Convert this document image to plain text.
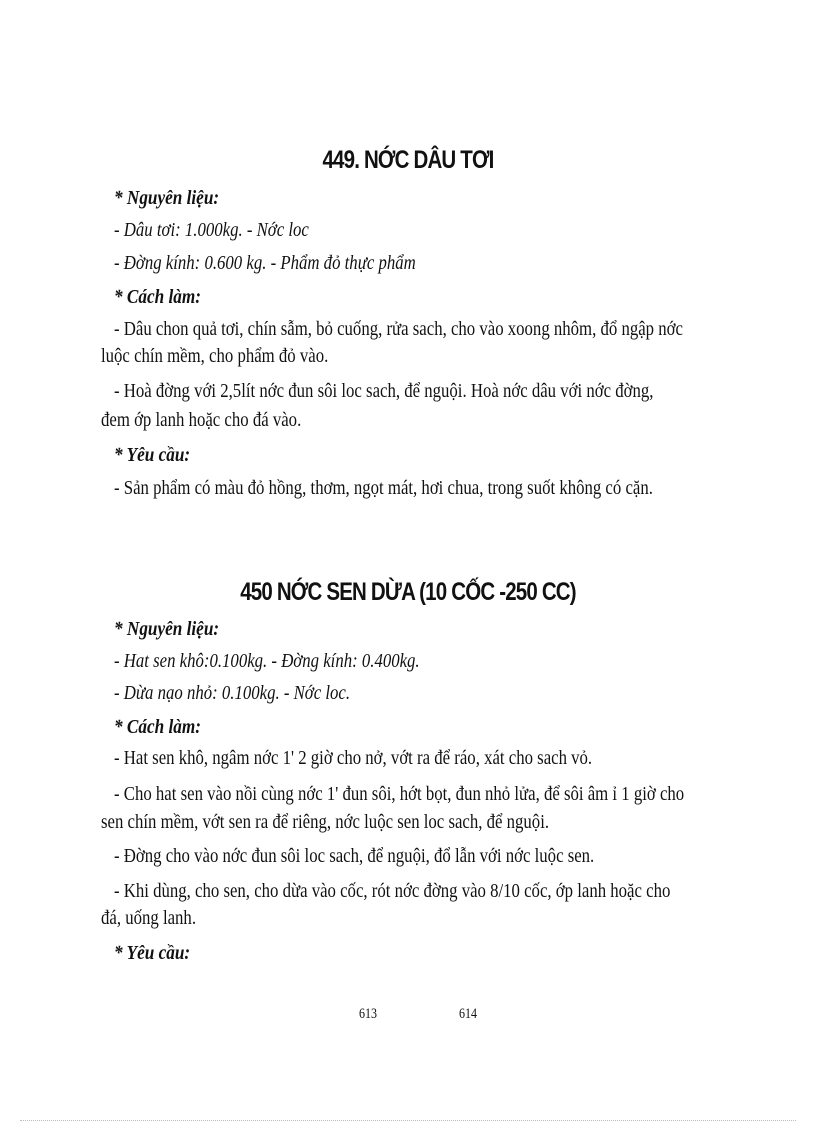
449. NỚC DÂU TƠI
* Nguyên liệu:
- Dâu tơi: 1.000kg. - Nớc loc
- Đờng kính: 0.600 kg. - Phẩm đỏ thực phẩm
* Cách làm:
- Dâu chon quả tơi, chín sẫm, bỏ cuống, rửa sach, cho vào xoong nhôm, đổ ngập nớc
luộc chín mềm, cho phẩm đỏ vào.
- Hoà đờng với 2,5lít nớc đun sôi loc sach, để nguội. Hoà nớc dâu với nớc đờng,
đem ớp lanh hoặc cho đá vào.
* Yêu cầu:
- Sản phẩm có màu đỏ hồng, thơm, ngọt mát, hơi chua, trong suốt không có cặn.
450 NỚC SEN DỪA (10 CỐC -250 CC)
* Nguyên liệu:
- Hat sen khô:0.100kg. - Đờng kính: 0.400kg.
- Dừa nạo nhỏ: 0.100kg. - Nớc loc.
* Cách làm:
- Hat sen khô, ngâm nớc 1' 2 giờ cho nở, vớt ra để ráo, xát cho sach vỏ.
- Cho hat sen vào nồi cùng nớc 1' đun sôi, hớt bọt, đun nhỏ lửa, để sôi âm ỉ 1 giờ cho
sen chín mềm, vớt sen ra để riêng, nớc luộc sen loc sach, để nguội.
- Đờng cho vào nớc đun sôi loc sach, để nguội, đổ lẫn với nớc luộc sen.
- Khi dùng, cho sen, cho dừa vào cốc, rót nớc đờng vào 8/10 cốc, ớp lanh hoặc cho
đá, uống lanh.
* Yêu cầu:
613	614
